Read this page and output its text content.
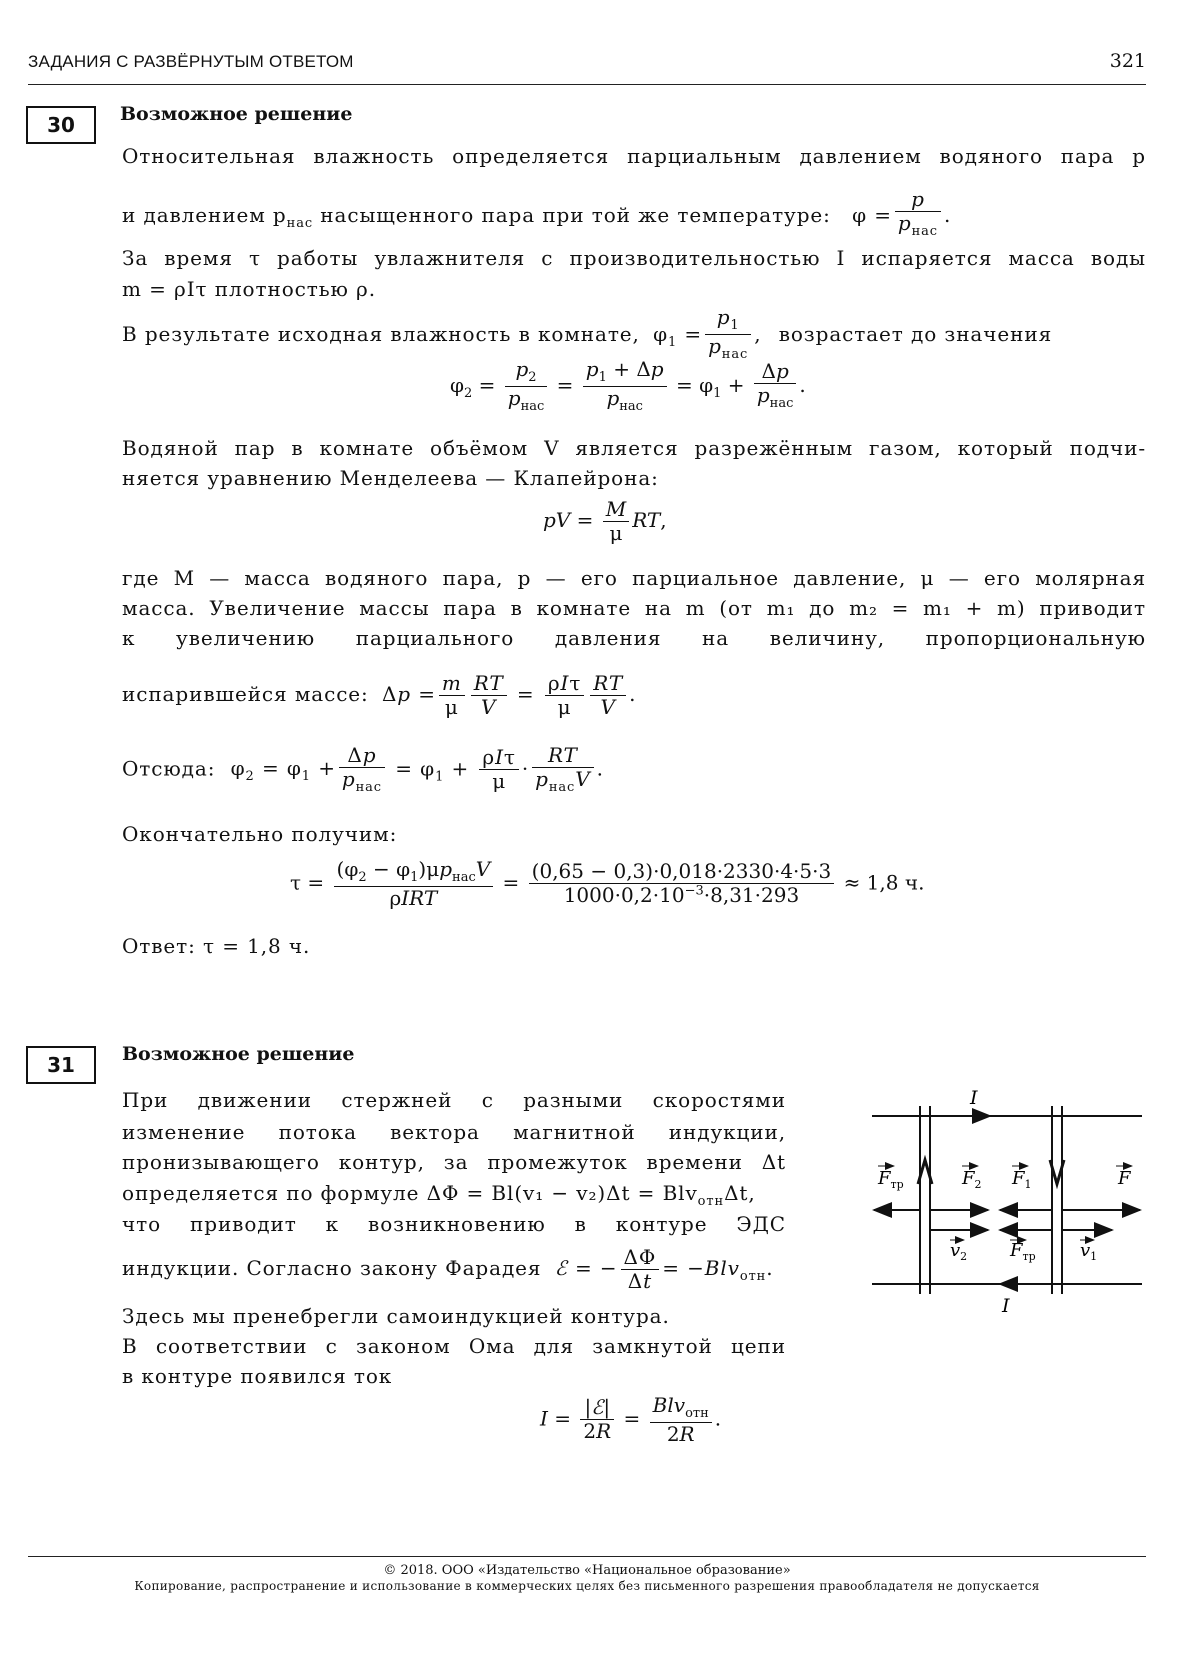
ЗАДАНИЯ С РАЗВЁРНУТЫМ ОТВЕТОМ	321
30	Возможное решение
Относительная влажность определяется парциальным давлением водяного пара p
и давлением $p_{нас}$ насыщенного пара при той же температуре: $\varphi = \frac{p}{p_{нас}}$ .
За время τ работы увлажнителя с производительностью I испаряется масса воды
m = ρIτ плотностью ρ.
В результате исходная влажность в комнате, $\varphi_1 = \frac{p_1}{p_{нас}}$ , возрастает до значения
$\varphi_2 = \frac{p_2}{p_{нас}} = \frac{p_1 + \Delta p}{p_{нас}} = \varphi_1 + \frac{\Delta p}{p_{нас}}$ .
Водяной пар в комнате объёмом V является разрежённым газом, который подчи-
няется уравнению Менделеева — Клапейрона:
pV = $\frac{M}{\mu}$ RT,
где M — масса водяного пара, p — его парциальное давление, μ — его молярная
масса. Увеличение массы пара в комнате на m (от m₁ до m₂ = m₁ + m) приводит
к увеличению парциального давления на величину, пропорциональную
испарившейся массе: $\Delta p = \frac{m}{\mu} \frac{RT}{V} = \frac{\text{ρIτ}}{\mu} \frac{RT}{V}$ .
Отсюда: $\varphi_2 = \varphi_1 + \frac{\Delta p}{p_{нас}} = \varphi_1 + \frac{\text{ρIτ}}{\mu} \cdot \frac{RT}{p_{нас}V}$ .
Окончательно получим:
$\tau = \frac{(\varphi_2 - \varphi_1)\mu p_{нас}V}{\text{ρIRT}} = \frac{(0,65 - 0,3)\cdot 0,018\cdot 2330\cdot 4\cdot 5\cdot 3}{1000\cdot 0,2\cdot 10^{-3}\cdot 8,31\cdot 293} \approx 1,8$ ч.
Ответ: τ = 1,8 ч.
31	Возможное решение
При движении стержней с разными скоростями
изменение потока вектора магнитной индукции,
пронизывающего контур, за промежуток времени Δt
определяется по формуле ΔΦ = Bl(v₁ − v₂)Δt = Blv$_{отн}$Δt,
что приводит к возникновению в контуре ЭДС
индукции. Согласно закону Фарадея ℰ = − $\frac{\Delta\Phi}{\Delta t} = -Blv_{отн}$.
Здесь мы пренебрегли самоиндукцией контура.
В соответствии с законом Ома для замкнутой цепи
в контуре появился ток
$I = \frac{\text{|ℰ|}}{2R} = \frac{Blv_{отн}}{2R}$ .
I
I
$F_{тр}$	$F_2$ $F_1$	F
$v_2$ $F_{тр}$ $v_1$
© 2018. ООО «Издательство «Национальное образование»
Копирование, распространение и использование в коммерческих целях без письменного разрешения правообладателя не допускается
